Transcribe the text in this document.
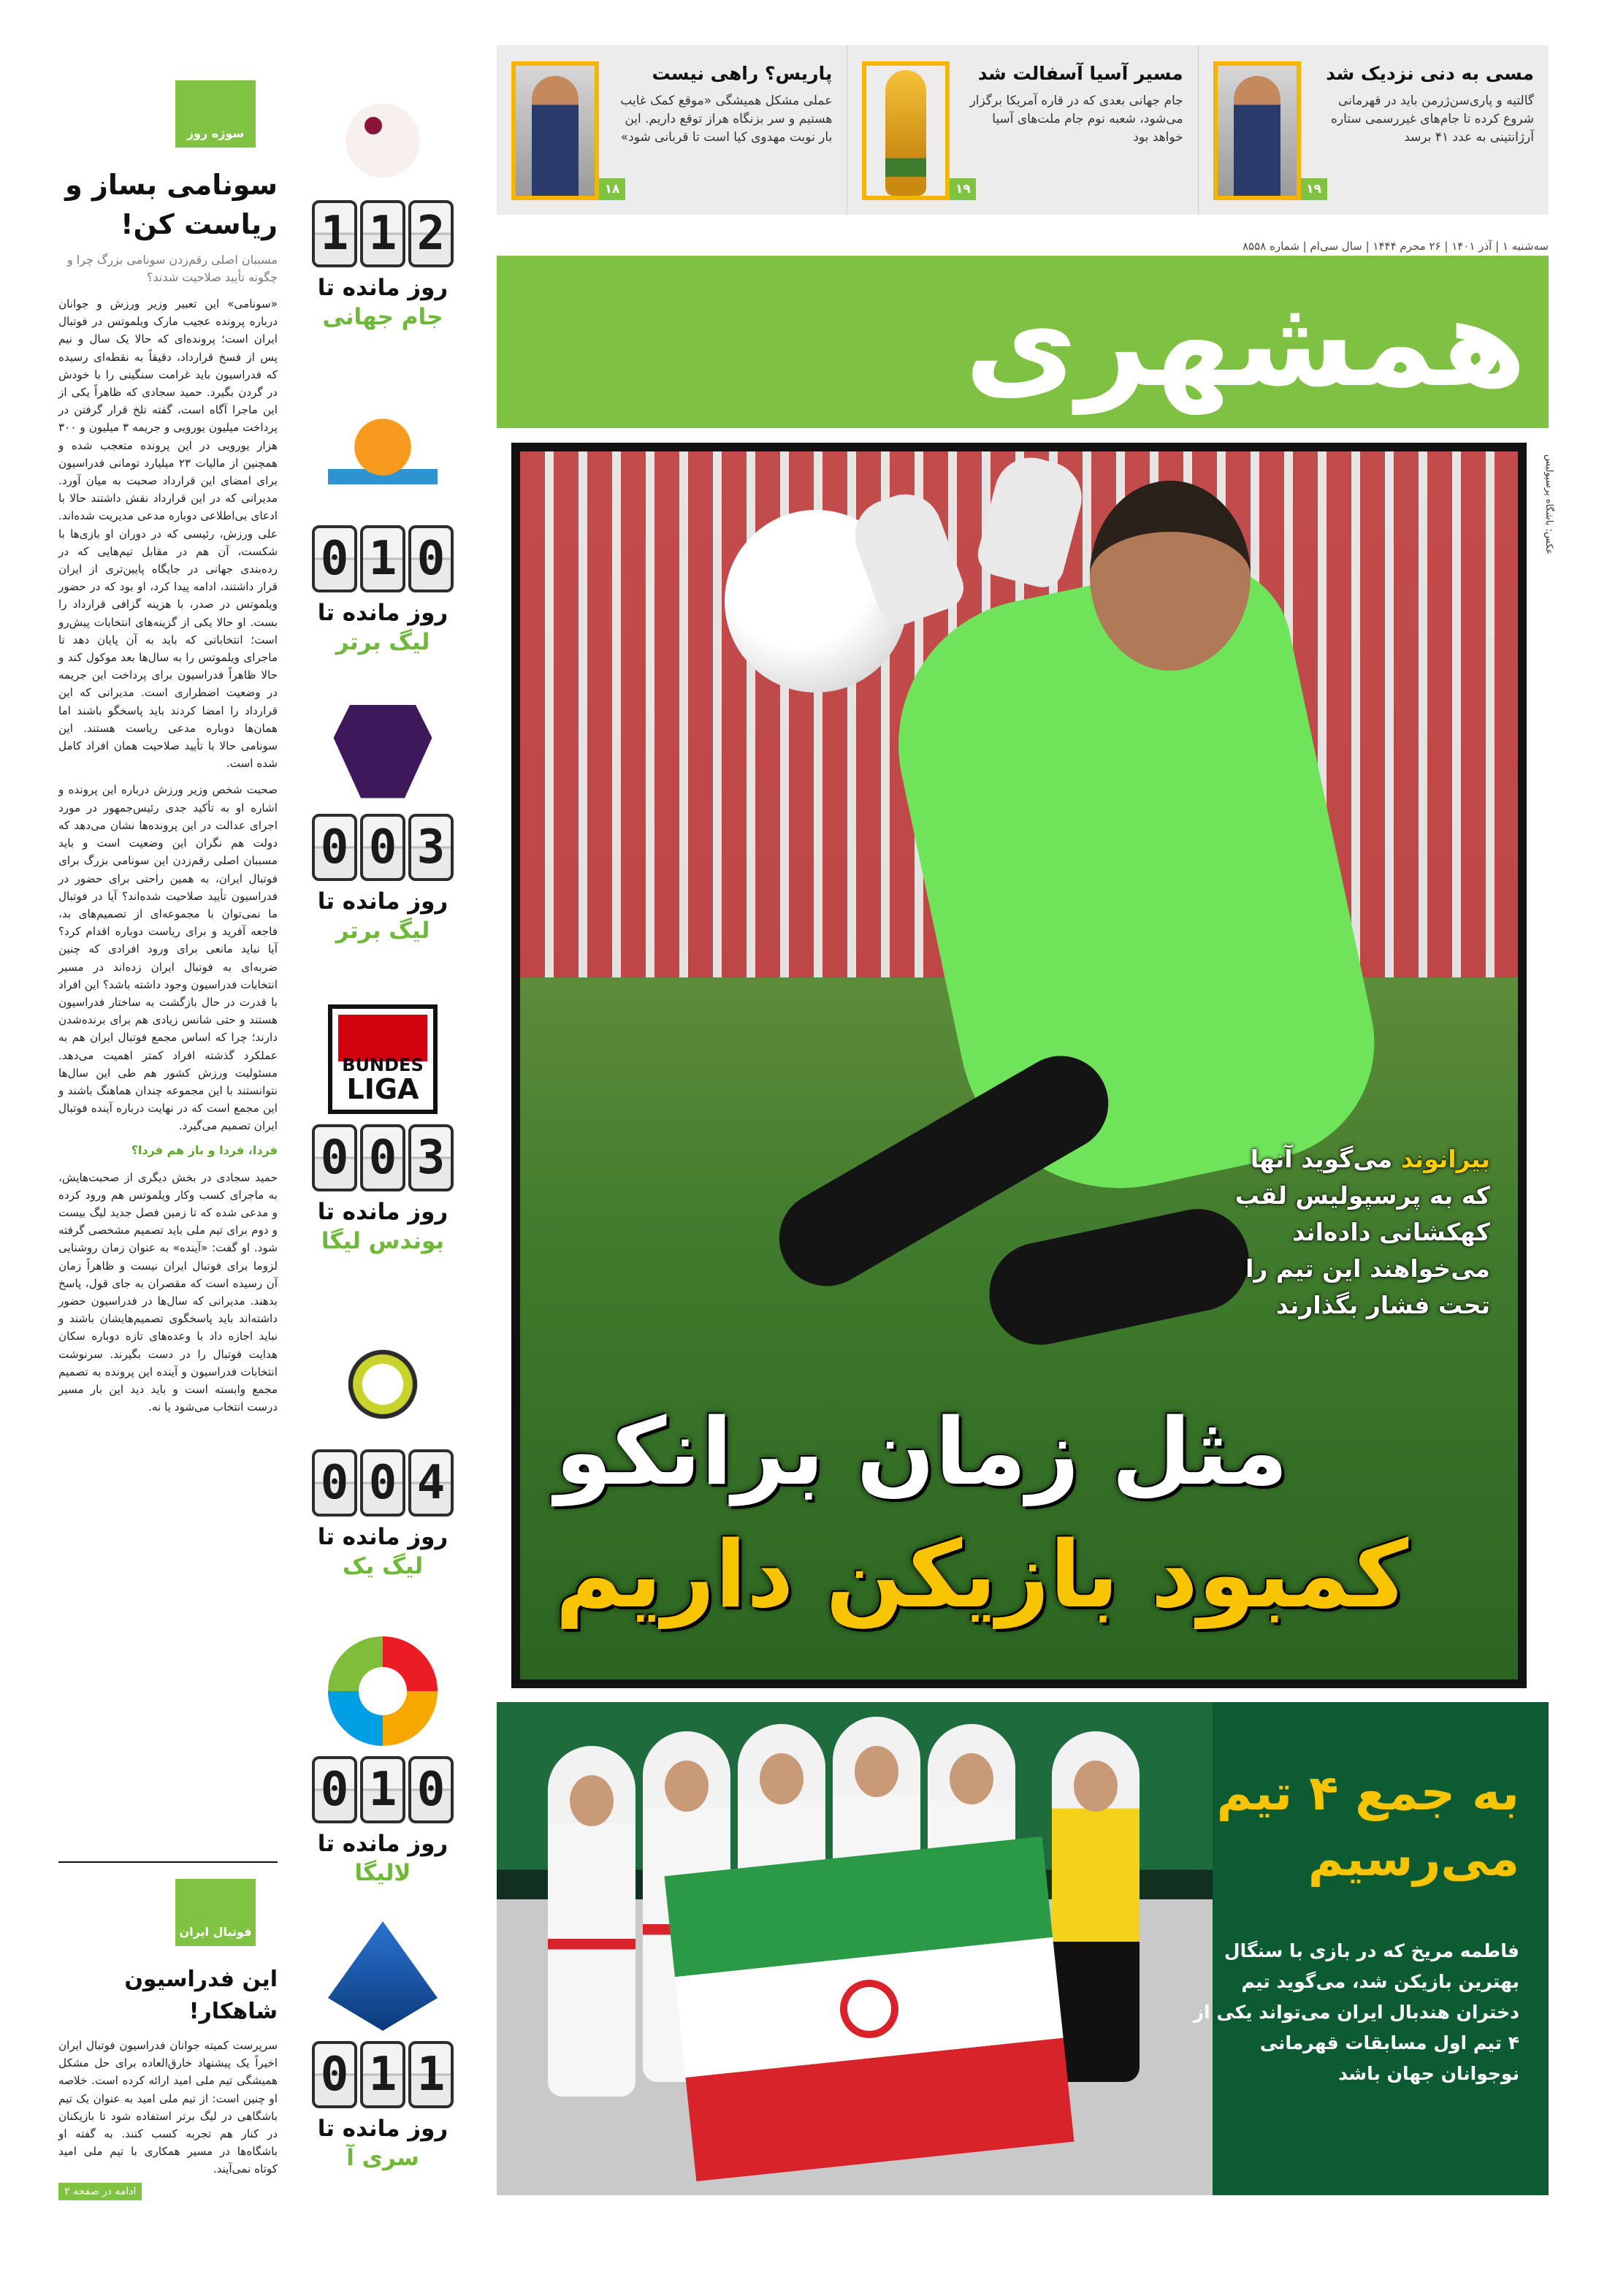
مسی به دنی نزدیک شد

گالتیه و پاری‌سن‌ژرمن باید در قهرمانی شروع کرده تا جام‌های غیررسمی ستاره آرژانتینی به عدد ۴۱ برسد

۱۹
مسیر آسیا آسفالت شد

جام جهانی بعدی که در قاره آمریکا برگزار می‌شود، شعبه نوم جام ملت‌های آسیا خواهد بود

۱۹
پاریس؟ راهی نیست

عملی مشکل همیشگی «موقع کمک غایب هستیم و سر بزنگاه هراز توقع داریم. این بار نوبت مهدوی کیا است تا قربانی شود»

۱۸
سه‌شنبه ۱ | آذر ۱۴۰۱ | ۲۶ محرم ۱۴۴۴ | سال سی‌ام | شماره ۸۵۵۸
همشهری
عکس: باشگاه پرسپولیس
بیرانوند می‌گوید آنها
که به پرسپولیس لقب
کهکشانی داده‌اند
می‌خواهند این تیم را
تحت فشار بگذارند
مثل زمان برانکو
کمبود بازیکن داریم
به جمع ۴ تیم
می‌رسیم
فاطمه مریخ که در بازی با سنگال بهترین بازیکن شد، می‌گوید تیم دختران هندبال ایران می‌تواند یکی از ۴ تیم اول مسابقات قهرمانی نوجوانان جهان باشد
1 1 2
روز مانده تا
جام جهانی
0 1 0
روز مانده تا
لیگ برتر
0 0 3
روز مانده تا
لیگ برتر
BUNDES
LIGA
0 0 3
روز مانده تا
بوندس لیگا
0 0 4
روز مانده تا
لیگ یک
0 1 0
روز مانده تا
لالیگا
0 1 1
روز مانده تا
سری آ
سوژه روز
سونامی بساز و ریاست کن!
مسببان اصلی رقم‌زدن سونامی بزرگ چرا و چگونه تأیید صلاحیت شدند؟
«سونامی» این تعبیر وزیر ورزش و جوانان درباره پرونده عجیب مارک ویلموتس در فوتبال ایران است؛ پرونده‌ای که حالا یک سال و نیم پس از فسخ قرارداد، دقیقاً به نقطه‌ای رسیده که فدراسیون باید غرامت سنگینی را با خودش در گردن بگیرد. حمید سجادی که ظاهراً یکی از این ماجرا آگاه است، گفته تلخ قرار گرفتن در پرداخت میلیون یورویی و جریمه ۳ میلیون و ۳۰۰ هزار یورویی در این پرونده متعجب شده و همچنین از مالیات ۲۳ میلیارد تومانی فدراسیون برای امضای این قرارداد صحبت به میان آورد. مدیرانی که در این قرارداد نقش داشتند حالا با ادعای بی‌اطلاعی دوباره مدعی مدیریت شده‌اند. علی ورزش، رئیسی که در دوران او بازی‌ها با شکست، آن هم در مقابل تیم‌هایی که در رده‌بندی جهانی در جایگاه پایین‌تری از ایران قرار داشتند، ادامه پیدا کرد، او بود که در حضور ویلموتس در صدر، با هزینه گزافی قرارداد را بست. او حالا یکی از گزینه‌های انتخابات پیش‌رو است؛ انتخاباتی که باید به آن پایان دهد تا ماجرای ویلموتس را به سال‌ها بعد موکول کند و حالا ظاهراً فدراسیون برای پرداخت این جریمه در وضعیت اضطراری است. مدیرانی که این قرارداد را امضا کردند باید پاسخگو باشند اما همان‌ها دوباره مدعی ریاست هستند. این سونامی حالا با تأیید صلاحیت همان افراد کامل شده است.
صحبت شخص وزیر ورزش درباره این پرونده و اشاره او به تأکید جدی رئیس‌جمهور در مورد اجرای عدالت در این پرونده‌ها نشان می‌دهد که دولت هم نگران این وضعیت است و باید مسببان اصلی رقم‌زدن این سونامی بزرگ برای فوتبال ایران، به همین راحتی برای حضور در فدراسیون تأیید صلاحیت شده‌اند؟ آیا در فوتبال ما نمی‌توان با مجموعه‌ای از تصمیم‌های بد، فاجعه آفرید و برای ریاست دوباره اقدام کرد؟ آیا نباید مانعی برای ورود افرادی که چنین ضربه‌ای به فوتبال ایران زده‌اند در مسیر انتخابات فدراسیون وجود داشته باشد؟ این افراد با قدرت در حال بازگشت به ساختار فدراسیون هستند و حتی شانس زیادی هم برای برنده‌شدن دارند؛ چرا که اساس مجمع فوتبال ایران هم به عملکرد گذشته افراد کمتر اهمیت می‌دهد. مسئولیت ورزش کشور هم طی این سال‌ها نتوانستند با این مجموعه چندان هماهنگ باشند و این مجمع است که در نهایت درباره آینده فوتبال ایران تصمیم می‌گیرد.
فردا، فردا و باز هم فردا؟
حمید سجادی در بخش دیگری از صحبت‌هایش، به ماجرای کسب وکار ویلموتس هم ورود کرده و مدعی شده که تا زمین فصل جدید لیگ بیست و دوم برای تیم ملی باید تصمیم مشخصی گرفته شود. او گفت: «آینده» به عنوان زمان روشنایی لزوما برای فوتبال ایران نیست و ظاهراً زمان آن رسیده است که مقصران به جای قول، پاسخ بدهند. مدیرانی که سال‌ها در فدراسیون حضور داشته‌اند باید پاسخگوی تصمیم‌هایشان باشند و نباید اجازه داد با وعده‌های تازه دوباره سکان هدایت فوتبال را در دست بگیرند. سرنوشت انتخابات فدراسیون و آینده این پرونده به تصمیم مجمع وابسته است و باید دید این بار مسیر درست انتخاب می‌شود یا نه.
فوتبال ایران
این فدراسیون شاهکار!
سرپرست کمیته جوانان فدراسیون فوتبال ایران اخیراً یک پیشنهاد خارق‌العاده برای حل مشکل همیشگی تیم ملی امید ارائه کرده است. خلاصه او چنین است: از تیم ملی امید به عنوان یک تیم باشگاهی در لیگ برتر استفاده شود تا بازیکنان در کنار هم تجربه کسب کنند. به گفته او باشگاه‌ها در مسیر همکاری با تیم ملی امید کوتاه نمی‌آیند.
ادامه در صفحه ۲
